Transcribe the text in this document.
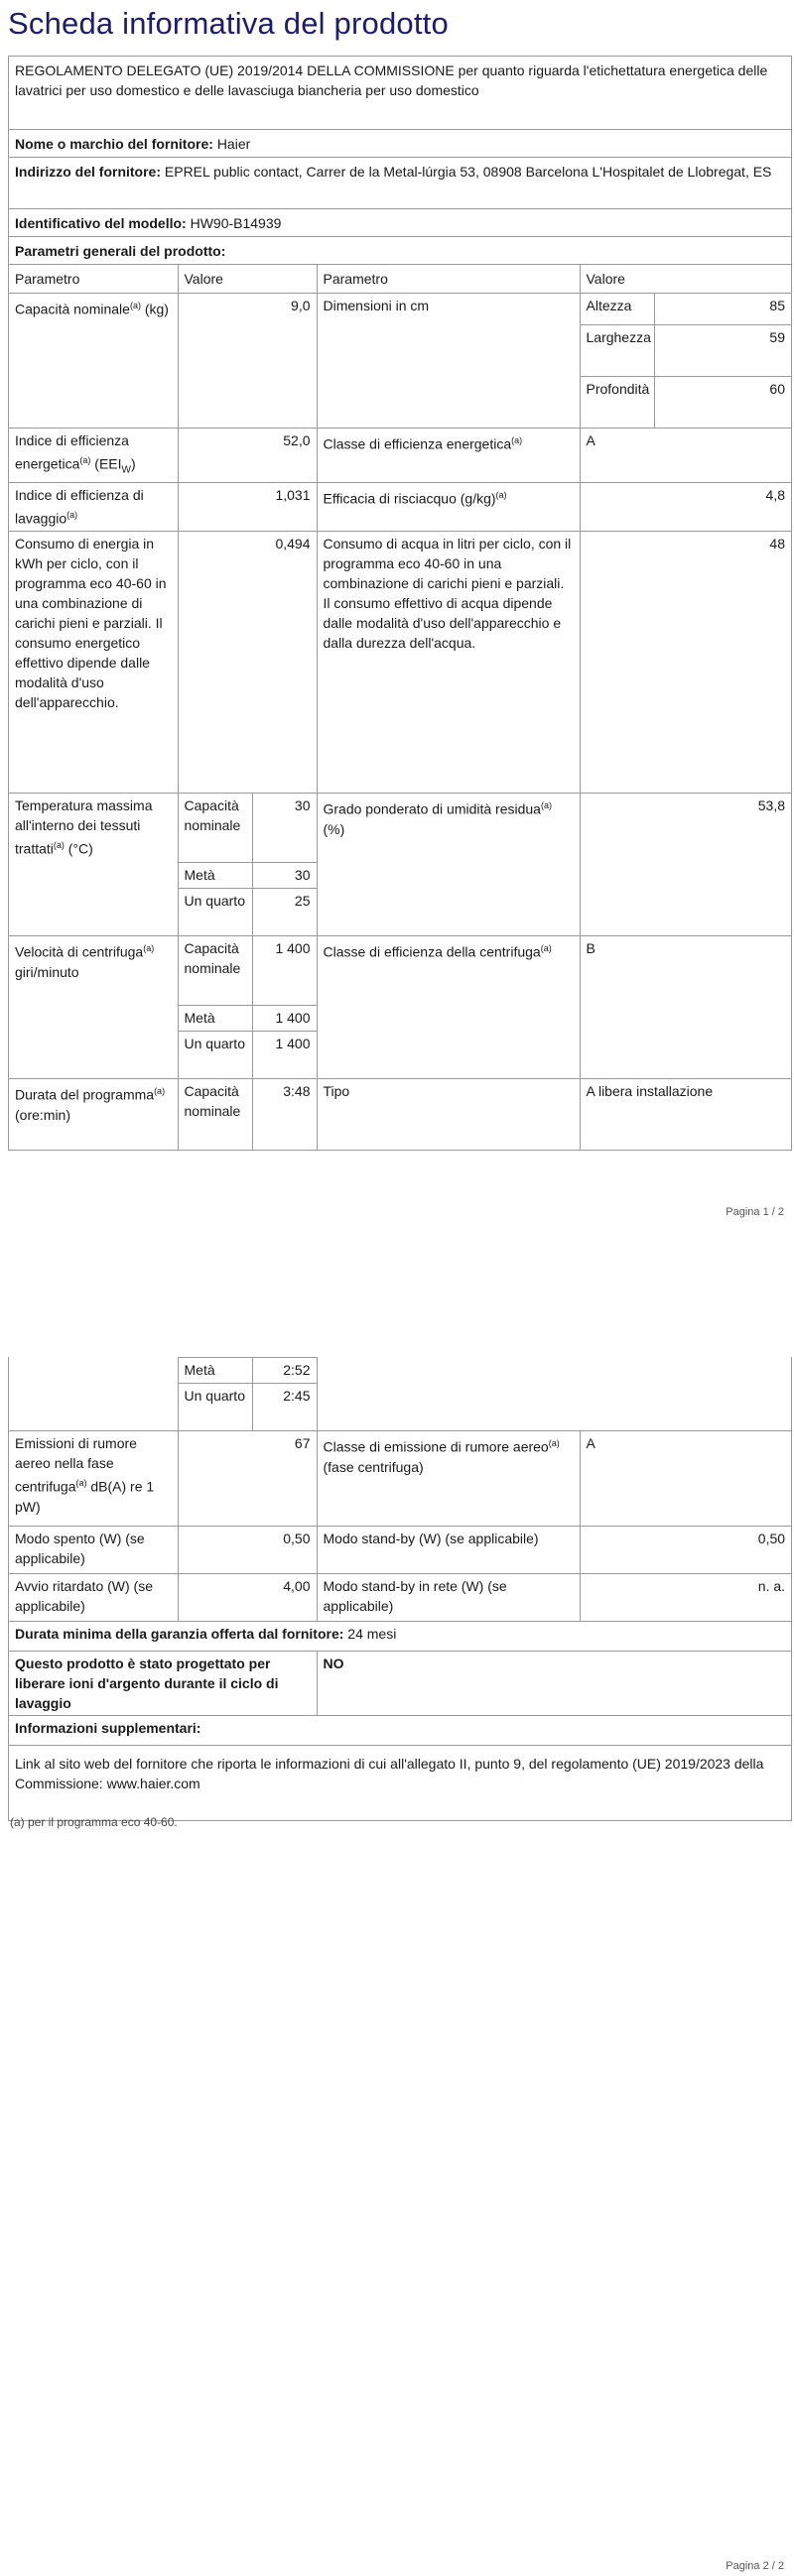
Scheda informativa del prodotto
REGOLAMENTO DELEGATO (UE) 2019/2014 DELLA COMMISSIONE per quanto riguarda l'etichettatura energetica delle lavatrici per uso domestico e delle lavasciuga biancheria per uso domestico
Nome o marchio del fornitore: Haier
Indirizzo del fornitore: EPREL public contact, Carrer de la Metal-lúrgia 53, 08908 Barcelona L'Hospitalet de Llobregat, ES
Identificativo del modello: HW90-B14939
Parametri generali del prodotto:
Parametro	Valore		Parametro	Valore	
Capacità nominale$^{(a)}$ (kg)	9,0		Dimensioni in cm	Altezza	85
				Larghezza	59
				Profondità	60
Indice di efficienza energetica$^{(a)}$ $(EEI_W)$	52,0		Classe di efficienza energetica$^{(a)}$	A	
Indice di efficienza di lavaggio$^{(a)}$	1,031		Efficacia di risciacquo $(g/kg)^{(a)}$	4,8	
Consumo di energia in kWh per ciclo, con il programma eco 40-60 in una combinazione di carichi pieni e parziali. Il consumo energetico effettivo dipende dalle modalità d'uso dell'apparecchio.	0,494		Consumo di acqua in litri per ciclo, con il programma eco 40-60 in una combinazione di carichi pieni e parziali. Il consumo effettivo di acqua dipende dalle modalità d'uso dell'apparecchio e dalla durezza dell'acqua.	48	
Temperatura massima all'interno dei tessuti trattati$^{(a)}$ (°C)	Capacità nominale	30	Grado ponderato di umidità residua$^{(a)}$ (%)	53,8	
	Metà	30			
	Un quarto	25			
Velocità di centrifuga$^{(a)}$ giri/minuto	Capacità nominale	1 400	Classe di efficienza della centrifuga$^{(a)}$	B	
	Metà	1 400			
	Un quarto	1 400			
Durata del programma$^{(a)}$ (ore:min)	Capacità nominale	3:48	Tipo	A libera installazione	
Pagina 1 / 2
	Metà	2:52		
	Un quarto	2:45		
Emissioni di rumore aereo nella fase centrifuga$^{(a)}$ dB(A) re 1 pW)	67		Classe di emissione di rumore aereo$^{(a)}$ (fase centrifuga)	A
Modo spento (W) (se applicabile)	0,50		Modo stand-by (W) (se applicabile)	0,50
Avvio ritardato (W) (se applicabile)	4,00		Modo stand-by in rete (W) (se applicabile)	n. a.
Durata minima della garanzia offerta dal fornitore: 24 mesi				
Questo prodotto è stato progettato per liberare ioni d'argento durante il ciclo di lavaggio			NO	
Informazioni supplementari:				
Link al sito web del fornitore che riporta le informazioni di cui all'allegato II, punto 9, del regolamento (UE) 2019/2023 della Commissione: www.haier.com				
(a) per il programma eco 40-60.
Pagina 2 / 2
